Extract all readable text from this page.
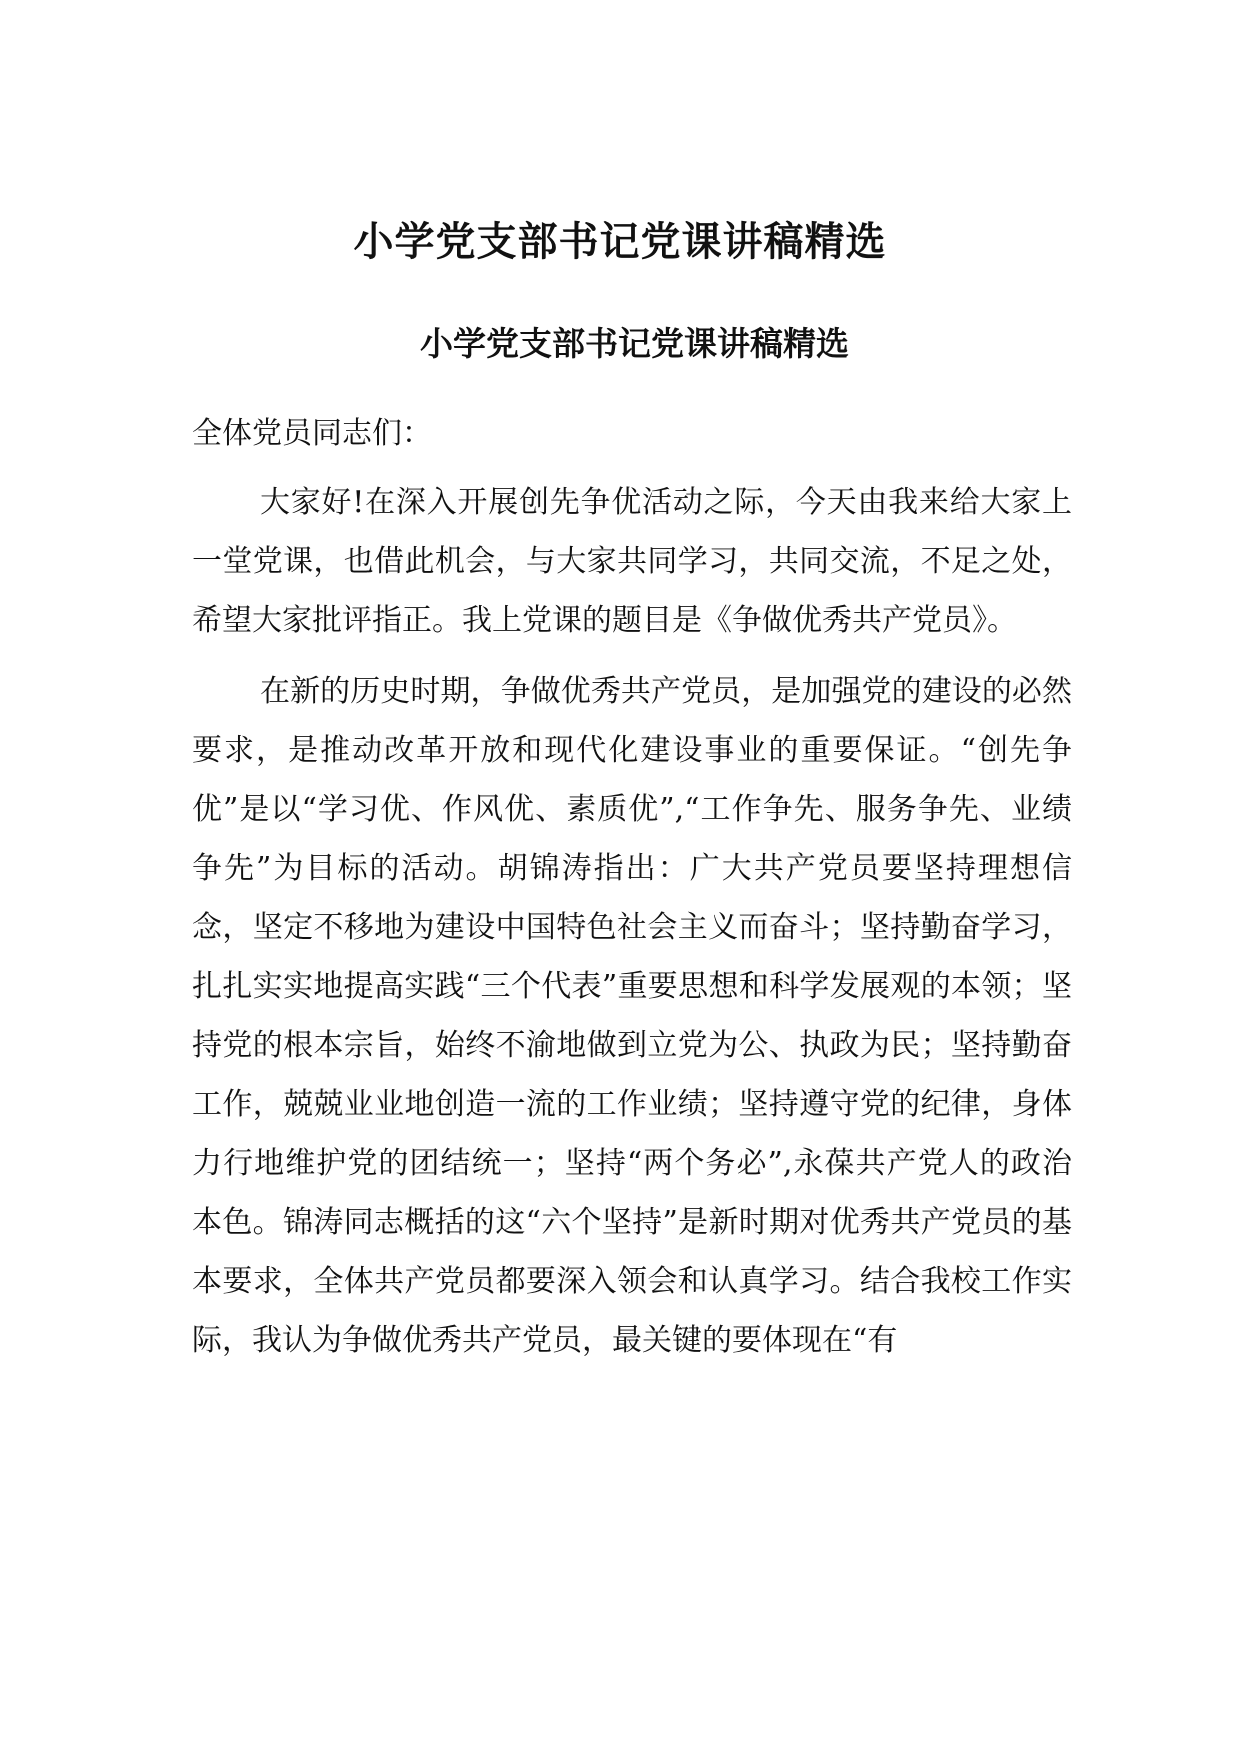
小学党支部书记党课讲稿精选
小学党支部书记党课讲稿精选

全体党员同志们：

大家好!在深入开展创先争优活动之际，今天由我来给大家上一堂党课，也借此机会，与大家共同学习，共同交流，不足之处，希望大家批评指正。我上党课的题目是《争做优秀共产党员》。

在新的历史时期，争做优秀共产党员，是加强党的建设的必然要求，是推动改革开放和现代化建设事业的重要保证。“创先争优”是以“学习优、作风优、素质优”,“工作争先、服务争先、业绩争先”为目标的活动。胡锦涛指出：广大共产党员要坚持理想信念，坚定不移地为建设中国特色社会主义而奋斗；坚持勤奋学习，扎扎实实地提高实践“三个代表”重要思想和科学发展观的本领；坚持党的根本宗旨，始终不渝地做到立党为公、执政为民；坚持勤奋工作，兢兢业业地创造一流的工作业绩；坚持遵守党的纪律，身体力行地维护党的团结统一；坚持“两个务必”,永葆共产党人的政治本色。锦涛同志概括的这“六个坚持”是新时期对优秀共产党员的基本要求，全体共产党员都要深入领会和认真学习。结合我校工作实际，我认为争做优秀共产党员，最关键的要体现在“有
